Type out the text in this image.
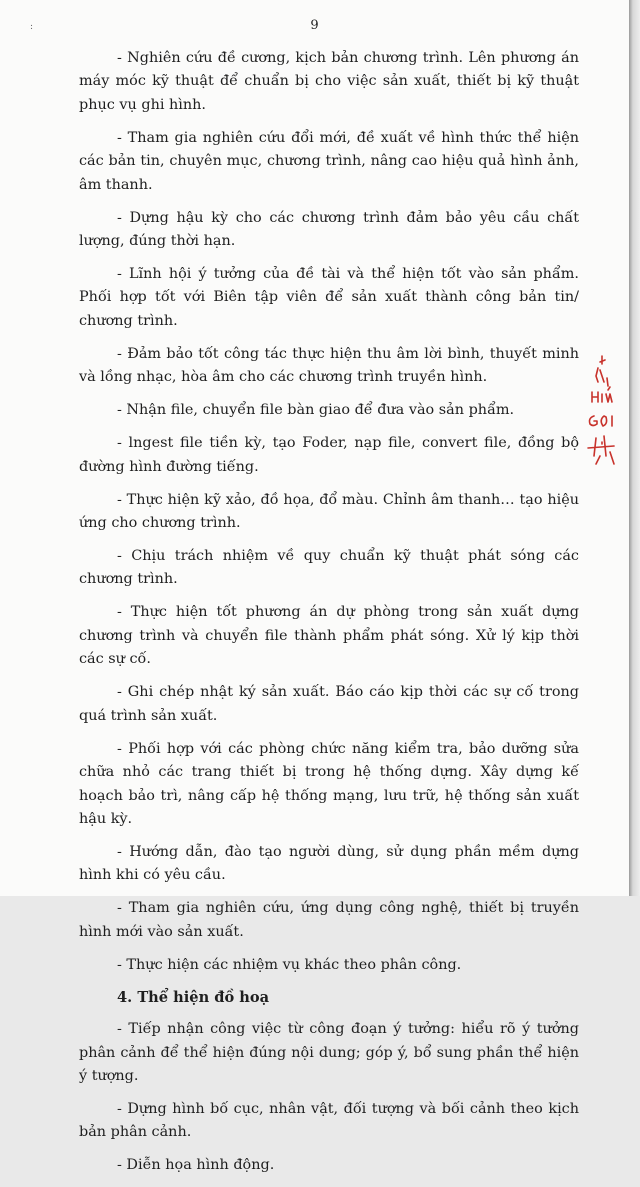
:	9

- Nghiên cứu đề cương, kịch bản chương trình. Lên phương án máy móc kỹ thuật để chuẩn bị cho việc sản xuất, thiết bị kỹ thuật phục vụ ghi hình.

- Tham gia nghiên cứu đổi mới, đề xuất về hình thức thể hiện các bản tin, chuyên mục, chương trình, nâng cao hiệu quả hình ảnh, âm thanh.

- Dựng hậu kỳ cho các chương trình đảm bảo yêu cầu chất lượng, đúng thời hạn.

- Lĩnh hội ý tưởng của đề tài và thể hiện tốt vào sản phẩm. Phối hợp tốt với Biên tập viên để sản xuất thành công bản tin/ chương trình.

- Đảm bảo tốt công tác thực hiện thu âm lời bình, thuyết minh và lồng nhạc, hòa âm cho các chương trình truyền hình.

- Nhận file, chuyển file bàn giao để đưa vào sản phẩm.

- lngest file tiền kỳ, tạo Foder, nạp file, convert file, đồng bộ đường hình đường tiếng.

- Thực hiện kỹ xảo, đồ họa, đổ màu. Chỉnh âm thanh… tạo hiệu ứng cho chương trình.

- Chịu trách nhiệm về quy chuẩn kỹ thuật phát sóng các chương trình.

- Thực hiện tốt phương án dự phòng trong sản xuất dựng chương trình và chuyển file thành phẩm phát sóng. Xử lý kịp thời các sự cố.

- Ghi chép nhật ký sản xuất. Báo cáo kịp thời các sự cố trong quá trình sản xuất.

- Phối hợp với các phòng chức năng kiểm tra, bảo dưỡng sửa chữa nhỏ các trang thiết bị trong hệ thống dựng. Xây dựng kế hoạch bảo trì, nâng cấp hệ thống mạng, lưu trữ, hệ thống sản xuất hậu kỳ.

- Hướng dẫn, đào tạo người dùng, sử dụng phần mềm dựng hình khi có yêu cầu.

- Tham gia nghiên cứu, ứng dụng công nghệ, thiết bị truyền hình mới vào sản xuất.

- Thực hiện các nhiệm vụ khác theo phân công.

4. Thể hiện đồ hoạ

- Tiếp nhận công việc từ công đoạn ý tưởng: hiểu rõ ý tưởng phân cảnh để thể hiện đúng nội dung; góp ý, bổ sung phần thể hiện ý tượng.

- Dựng hình bố cục, nhân vật, đối tượng và bối cảnh theo kịch bản phân cảnh.

- Diễn họa hình động.
